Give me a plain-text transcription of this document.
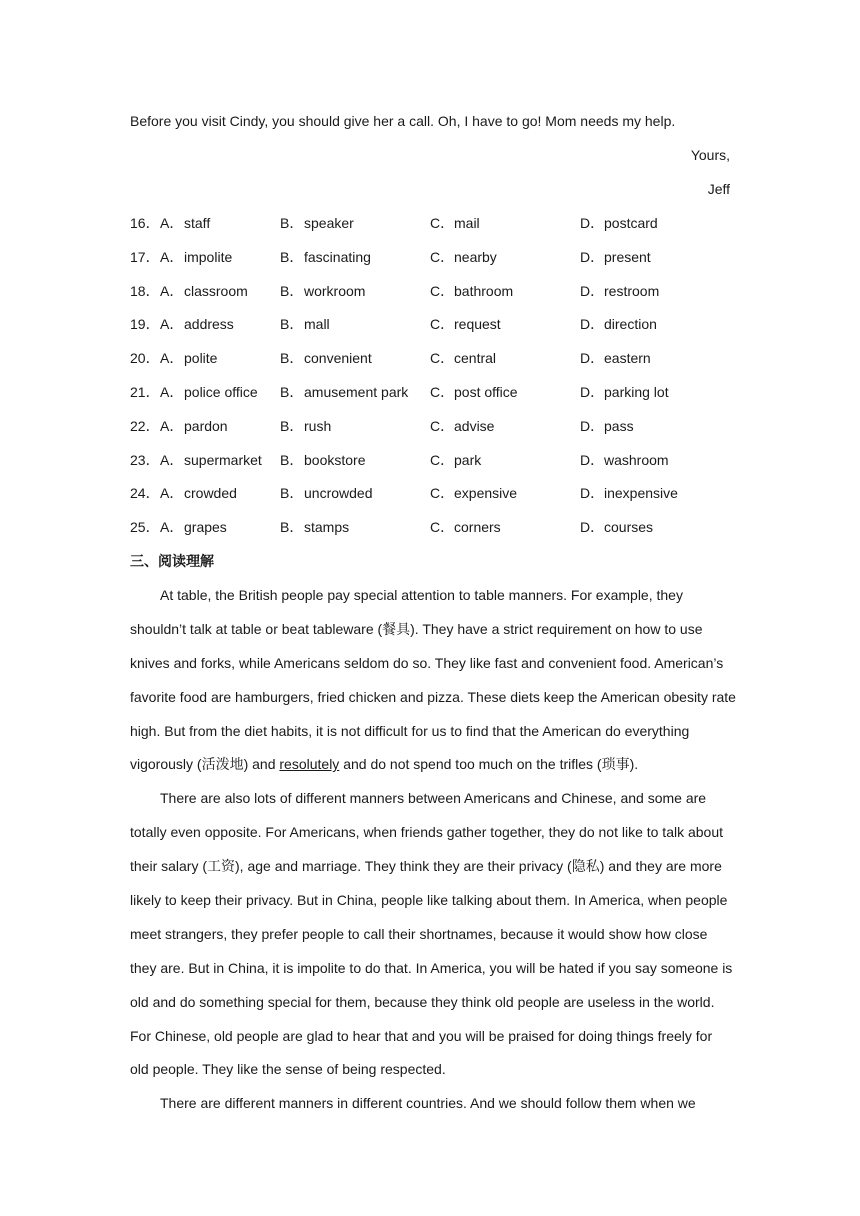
Before you visit Cindy, you should give her a call. Oh, I have to go! Mom needs my help.
Yours,
Jeff
16． A． staff	B． speaker	C． mail	D． postcard
17． A． impolite	B． fascinating	C． nearby	D． present
18． A． classroom B． workroom	C． bathroom	D． restroom
19． A． address	B． mall	C． request	D． direction
20． A． polite	B． convenient	C． central	D． eastern
21． A． police office B． amusement park C． post office	D． parking lot
22． A． pardon	B． rush	C． advise	D． pass
23． A． supermarket B． bookstore	C． park	D． washroom
24． A． crowded	B． uncrowded	C． expensive	D． inexpensive
25． A． grapes	B． stamps	C． corners	D． courses
三、阅读理解
At table, the British people pay special attention to table manners. For example, they
shouldn’t talk at table or beat tableware (餐具). They have a strict requirement on how to use
knives and forks, while Americans seldom do so. They like fast and convenient food. American’s
favorite food are hamburgers, fried chicken and pizza. These diets keep the American obesity rate
high. But from the diet habits, it is not difficult for us to find that the American do everything
vigorously (活泼地) and resolutely and do not spend too much on the trifles (琐事).
There are also lots of different manners between Americans and Chinese, and some are
totally even opposite. For Americans, when friends gather together, they do not like to talk about
their salary (工资), age and marriage. They think they are their privacy (隐私) and they are more
likely to keep their privacy. But in China, people like talking about them. In America, when people
meet strangers, they prefer people to call their shortnames, because it would show how close
they are. But in China, it is impolite to do that. In America, you will be hated if you say someone is
old and do something special for them, because they think old people are useless in the world.
For Chinese, old people are glad to hear that and you will be praised for doing things freely for
old people. They like the sense of being respected.
There are different manners in different countries. And we should follow them when we
